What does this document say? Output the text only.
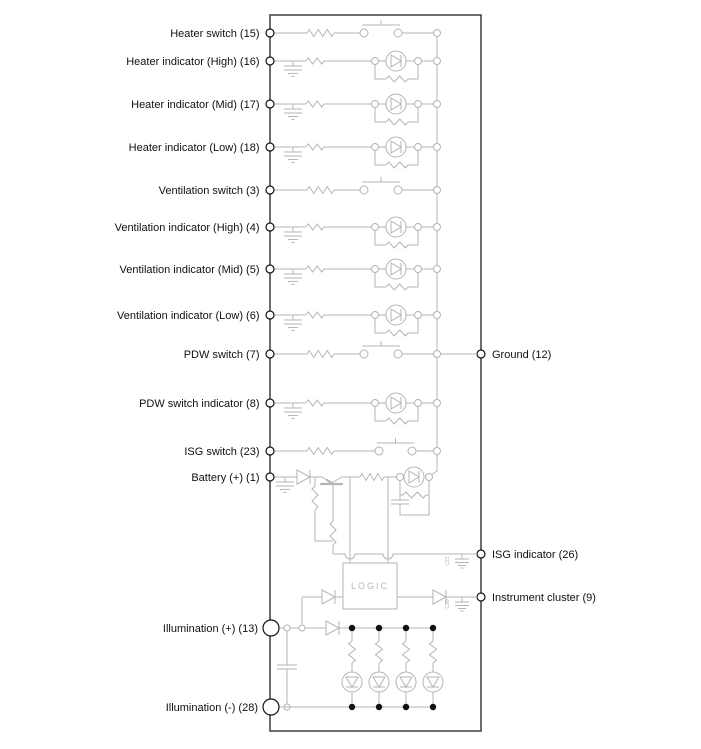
Heater switch (15)
Heater indicator (High) (16)
Heater indicator (Mid) (17)
Heater indicator (Low) (18)
Ventilation switch (3)
Ventilation indicator (High) (4)
Ventilation indicator (Mid) (5)
Ventilation indicator (Low) (6)
PDW switch (7)
PDW switch indicator (8)
ISG switch (23)
Battery (+) (1)
Ground (12)
ISG indicator (26)
Instrument cluster (9)
C21
LOGIC
C20
Illumination (+) (13)
Illumination (-) (28)
